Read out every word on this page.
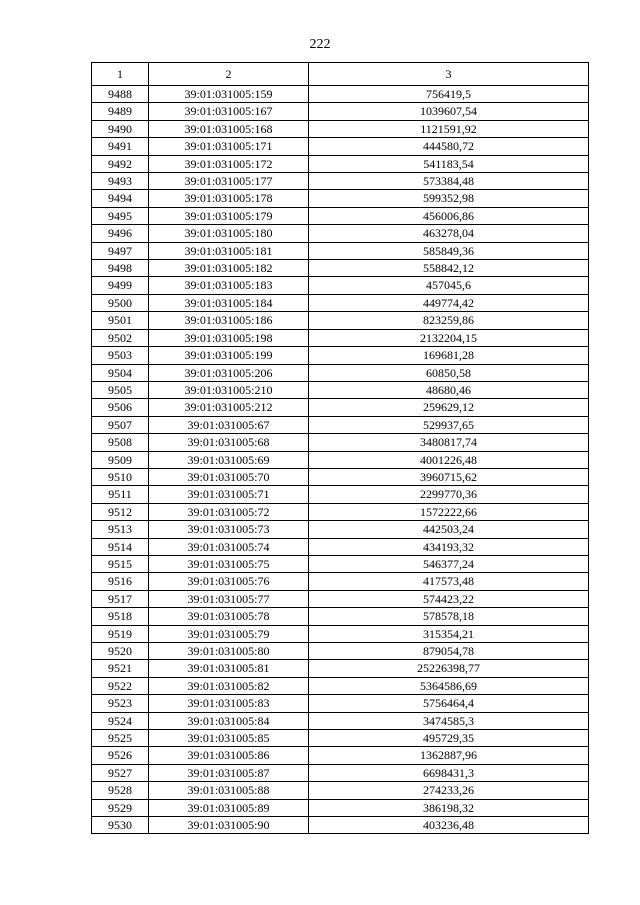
222
1	2	3
9488	39:01:031005:159	756419,5
9489	39:01:031005:167	1039607,54
9490	39:01:031005:168	1121591,92
9491	39:01:031005:171	444580,72
9492	39:01:031005:172	541183,54
9493	39:01:031005:177	573384,48
9494	39:01:031005:178	599352,98
9495	39:01:031005:179	456006,86
9496	39:01:031005:180	463278,04
9497	39:01:031005:181	585849,36
9498	39:01:031005:182	558842,12
9499	39:01:031005:183	457045,6
9500	39:01:031005:184	449774,42
9501	39:01:031005:186	823259,86
9502	39:01:031005:198	2132204,15
9503	39:01:031005:199	169681,28
9504	39:01:031005:206	60850,58
9505	39:01:031005:210	48680,46
9506	39:01:031005:212	259629,12
9507	39:01:031005:67	529937,65
9508	39:01:031005:68	3480817,74
9509	39:01:031005:69	4001226,48
9510	39:01:031005:70	3960715,62
9511	39:01:031005:71	2299770,36
9512	39:01:031005:72	1572222,66
9513	39:01:031005:73	442503,24
9514	39:01:031005:74	434193,32
9515	39:01:031005:75	546377,24
9516	39:01:031005:76	417573,48
9517	39:01:031005:77	574423,22
9518	39:01:031005:78	578578,18
9519	39:01:031005:79	315354,21
9520	39:01:031005:80	879054,78
9521	39:01:031005:81	25226398,77
9522	39:01:031005:82	5364586,69
9523	39:01:031005:83	5756464,4
9524	39:01:031005:84	3474585,3
9525	39:01:031005:85	495729,35
9526	39:01:031005:86	1362887,96
9527	39:01:031005:87	6698431,3
9528	39:01:031005:88	274233,26
9529	39:01:031005:89	386198,32
9530	39:01:031005:90	403236,48
